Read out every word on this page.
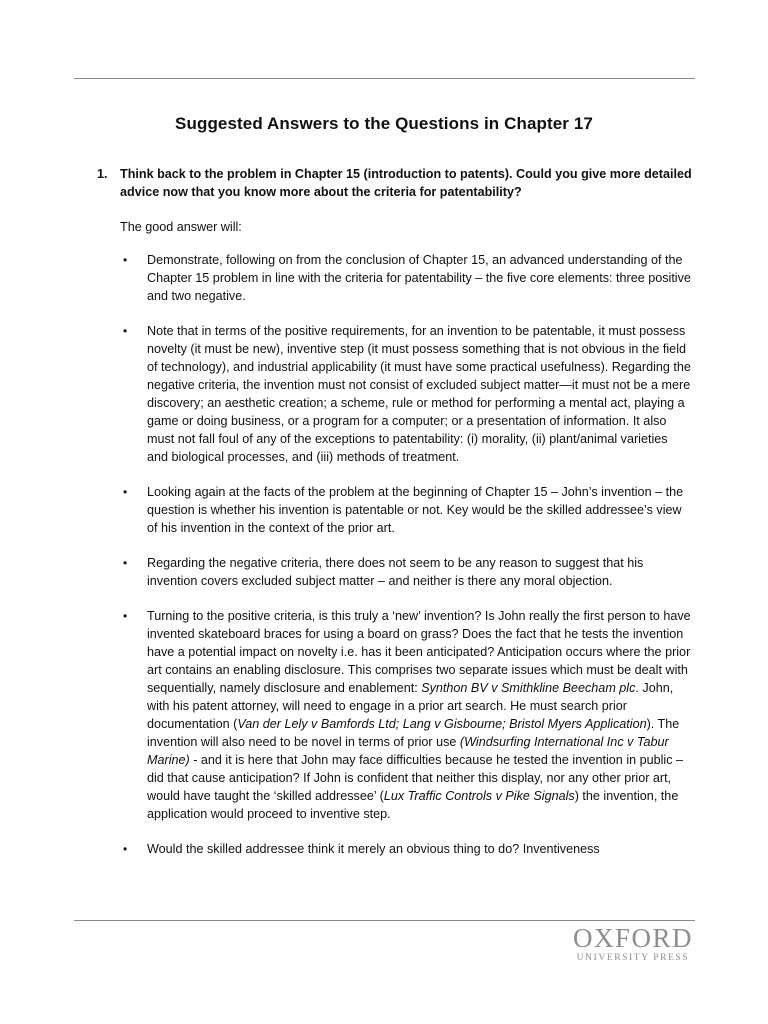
Suggested Answers to the Questions in Chapter 17
1. Think back to the problem in Chapter 15 (introduction to patents). Could you give more detailed advice now that you know more about the criteria for patentability?
The good answer will:
• Demonstrate, following on from the conclusion of Chapter 15, an advanced understanding of the Chapter 15 problem in line with the criteria for patentability – the five core elements: three positive and two negative.

• Note that in terms of the positive requirements, for an invention to be patentable, it must possess novelty (it must be new), inventive step (it must possess something that is not obvious in the field of technology), and industrial applicability (it must have some practical usefulness). Regarding the negative criteria, the invention must not consist of excluded subject matter—it must not be a mere discovery; an aesthetic creation; a scheme, rule or method for performing a mental act, playing a game or doing business, or a program for a computer; or a presentation of information. It also must not fall foul of any of the exceptions to patentability: (i) morality, (ii) plant/animal varieties and biological processes, and (iii) methods of treatment.

• Looking again at the facts of the problem at the beginning of Chapter 15 – John’s invention – the question is whether his invention is patentable or not. Key would be the skilled addressee’s view of his invention in the context of the prior art.

• Regarding the negative criteria, there does not seem to be any reason to suggest that his invention covers excluded subject matter – and neither is there any moral objection.

• Turning to the positive criteria, is this truly a ‘new’ invention? Is John really the first person to have invented skateboard braces for using a board on grass? Does the fact that he tests the invention have a potential impact on novelty i.e. has it been anticipated? Anticipation occurs where the prior art contains an enabling disclosure. This comprises two separate issues which must be dealt with sequentially, namely disclosure and enablement: Synthon BV v Smithkline Beecham plc. John, with his patent attorney, will need to engage in a prior art search. He must search prior documentation (Van der Lely v Bamfords Ltd; Lang v Gisbourne; Bristol Myers Application). The invention will also need to be novel in terms of prior use (Windsurfing International Inc v Tabur Marine) - and it is here that John may face difficulties because he tested the invention in public – did that cause anticipation? If John is confident that neither this display, nor any other prior art, would have taught the ‘skilled addressee’ (Lux Traffic Controls v Pike Signals) the invention, the application would proceed to inventive step.

• Would the skilled addressee think it merely an obvious thing to do? Inventiveness

OXFORD
UNIVERSITY PRESS
